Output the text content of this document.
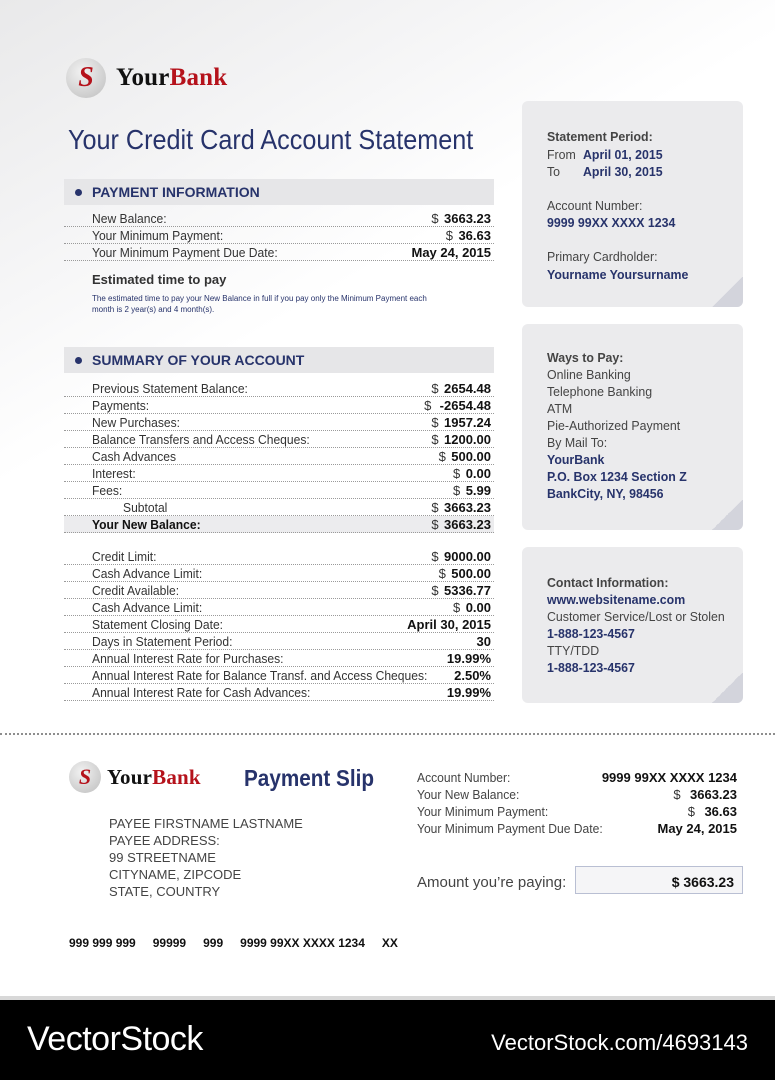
S YourBank
Your Credit Card Account Statement
PAYMENT INFORMATION
New Balance:	$ 3663.23
Your Minimum Payment:	$ 36.63
Your Minimum Payment Due Date:	May 24, 2015
Estimated time to pay
The estimated time to pay your New Balance in full if you pay only the Minimum Payment each month is 2 year(s) and 4 month(s).
SUMMARY OF YOUR ACCOUNT
Previous Statement Balance:	$ 2654.48
Payments:	$ -2654.48
New Purchases:	$ 1957.24
Balance Transfers and Access Cheques:	$ 1200.00
Cash Advances	$ 500.00
Interest:	$ 0.00
Fees:	$ 5.99
Subtotal	$ 3663.23
Your New Balance:	$ 3663.23
Credit Limit:	$ 9000.00
Cash Advance Limit:	$ 500.00
Credit Available:	$ 5336.77
Cash Advance Limit:	$ 0.00
Statement Closing Date:	April 30, 2015
Days in Statement Period:	30
Annual Interest Rate for Purchases:	19.99%
Annual Interest Rate for Balance Transf. and Access Cheques: 2.50%
Annual Interest Rate for Cash Advances:	19.99%
Statement Period:
From April 01, 2015
To April 30, 2015
Account Number:
9999 99XX XXXX 1234
Primary Cardholder:
Yourname Yoursurname
Ways to Pay:
Online Banking
Telephone Banking
ATM
Pie-Authorized Payment
By Mail To:
YourBank
P.O. Box 1234 Section Z
BankCity, NY, 98456
Contact Information:
www.websitename.com
Customer Service/Lost or Stolen
1-888-123-4567
TTY/TDD
1-888-123-4567
S YourBank Payment Slip
PAYEE FIRSTNAME LASTNAME
PAYEE ADDRESS:
99 STREETNAME
CITYNAME, ZIPCODE
STATE, COUNTRY
Account Number:	9999 99XX XXXX 1234
Your New Balance:	$ 3663.23
Your Minimum Payment:	$ 36.63
Your Minimum Payment Due Date:	May 24, 2015
Amount you’re paying:	$ 3663.23
999 999 999 99999 999 9999 99XX XXXX 1234 XX
VectorStock	VectorStock.com/4693143
